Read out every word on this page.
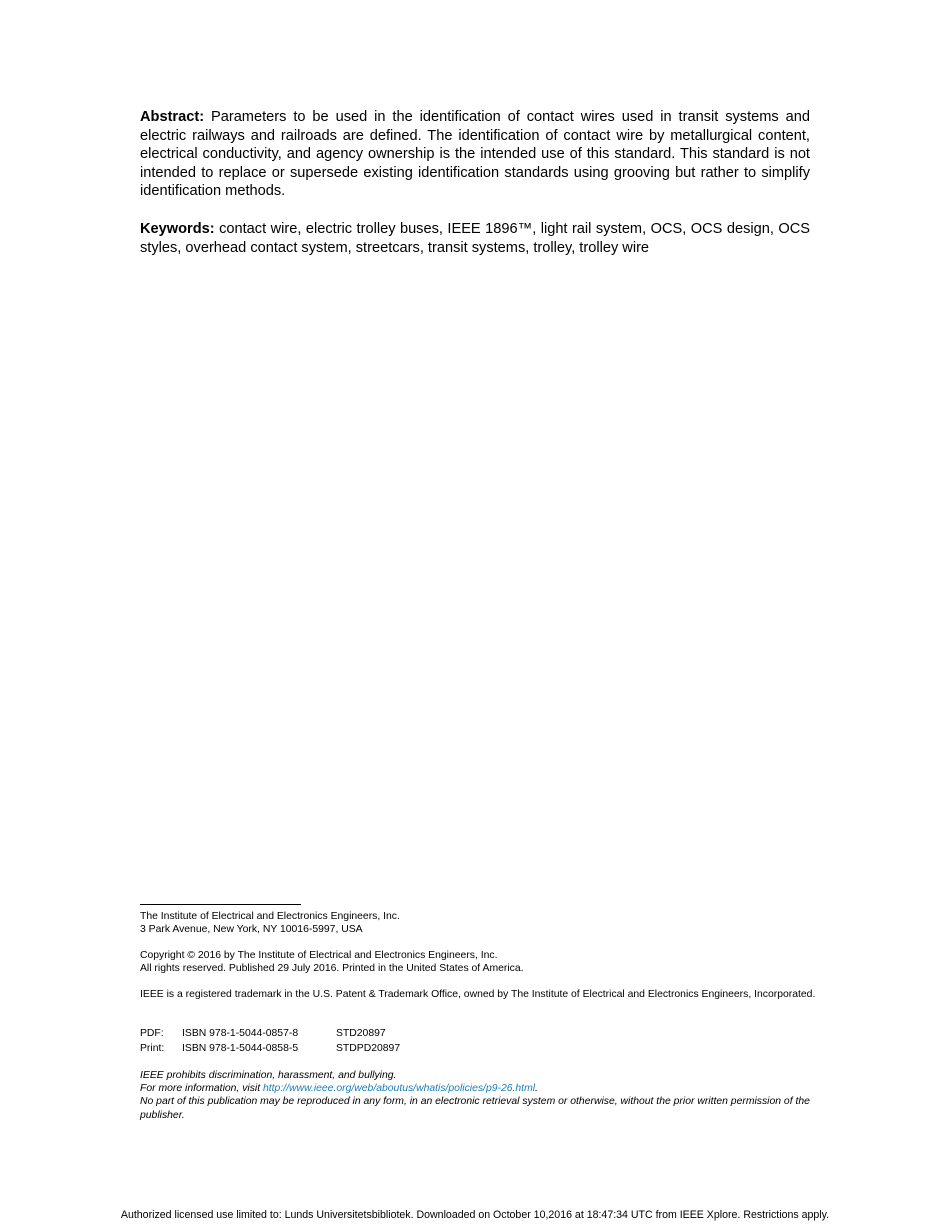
Abstract: Parameters to be used in the identification of contact wires used in transit systems and electric railways and railroads are defined. The identification of contact wire by metallurgical content, electrical conductivity, and agency ownership is the intended use of this standard. This standard is not intended to replace or supersede existing identification standards using grooving but rather to simplify identification methods.
Keywords: contact wire, electric trolley buses, IEEE 1896™, light rail system, OCS, OCS design, OCS styles, overhead contact system, streetcars, transit systems, trolley, trolley wire
The Institute of Electrical and Electronics Engineers, Inc.
3 Park Avenue, New York, NY 10016-5997, USA
Copyright © 2016 by The Institute of Electrical and Electronics Engineers, Inc.
All rights reserved. Published 29 July 2016. Printed in the United States of America.
IEEE is a registered trademark in the U.S. Patent & Trademark Office, owned by The Institute of Electrical and Electronics Engineers, Incorporated.
PDF: ISBN 978-1-5044-0857-8	STD20897
Print: ISBN 978-1-5044-0858-5	STDPD20897
IEEE prohibits discrimination, harassment, and bullying.
For more information, visit http://www.ieee.org/web/aboutus/whatis/policies/p9-26.html.
No part of this publication may be reproduced in any form, in an electronic retrieval system or otherwise, without the prior written permission of the publisher.
Authorized licensed use limited to: Lunds Universitetsbibliotek. Downloaded on October 10,2016 at 18:47:34 UTC from IEEE Xplore. Restrictions apply.
